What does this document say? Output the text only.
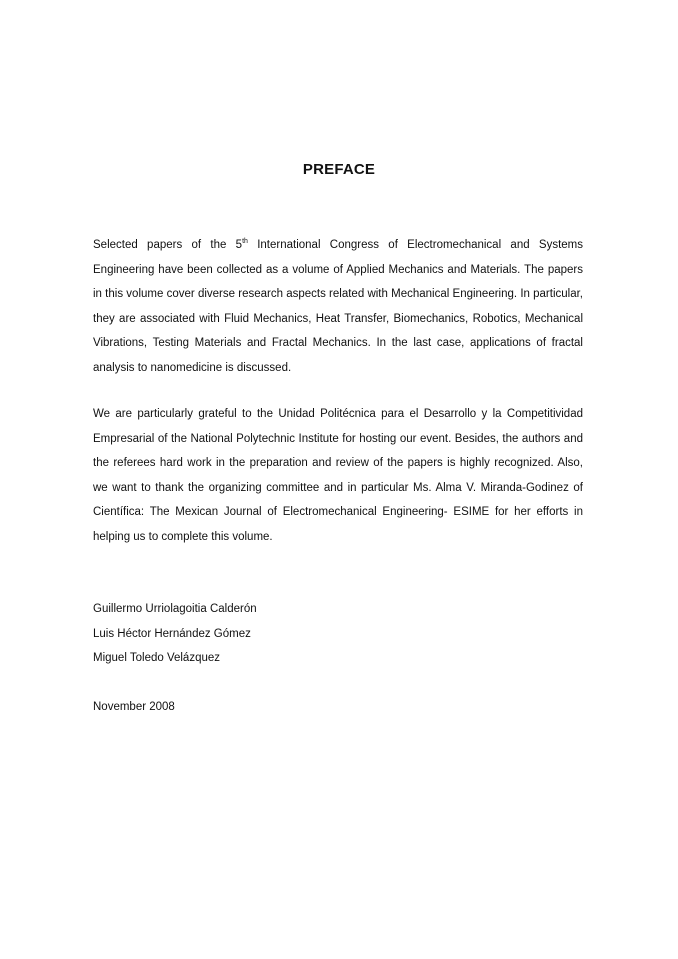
PREFACE
Selected papers of the 5th International Congress of Electromechanical and Systems Engineering have been collected as a volume of Applied Mechanics and Materials. The papers in this volume cover diverse research aspects related with Mechanical Engineering. In particular, they are associated with Fluid Mechanics, Heat Transfer, Biomechanics, Robotics, Mechanical Vibrations, Testing Materials and Fractal Mechanics. In the last case, applications of fractal analysis to nanomedicine is discussed.
We are particularly grateful to the Unidad Politécnica para el Desarrollo y la Competitividad Empresarial of the National Polytechnic Institute for hosting our event. Besides, the authors and the referees hard work in the preparation and review of the papers is highly recognized. Also, we want to thank the organizing committee and in particular Ms. Alma V. Miranda-Godinez of Científica: The Mexican Journal of Electromechanical Engineering- ESIME for her efforts in helping us to complete this volume.
Guillermo Urriolagoitia Calderón
Luis Héctor Hernández Gómez
Miguel Toledo Velázquez
November 2008
